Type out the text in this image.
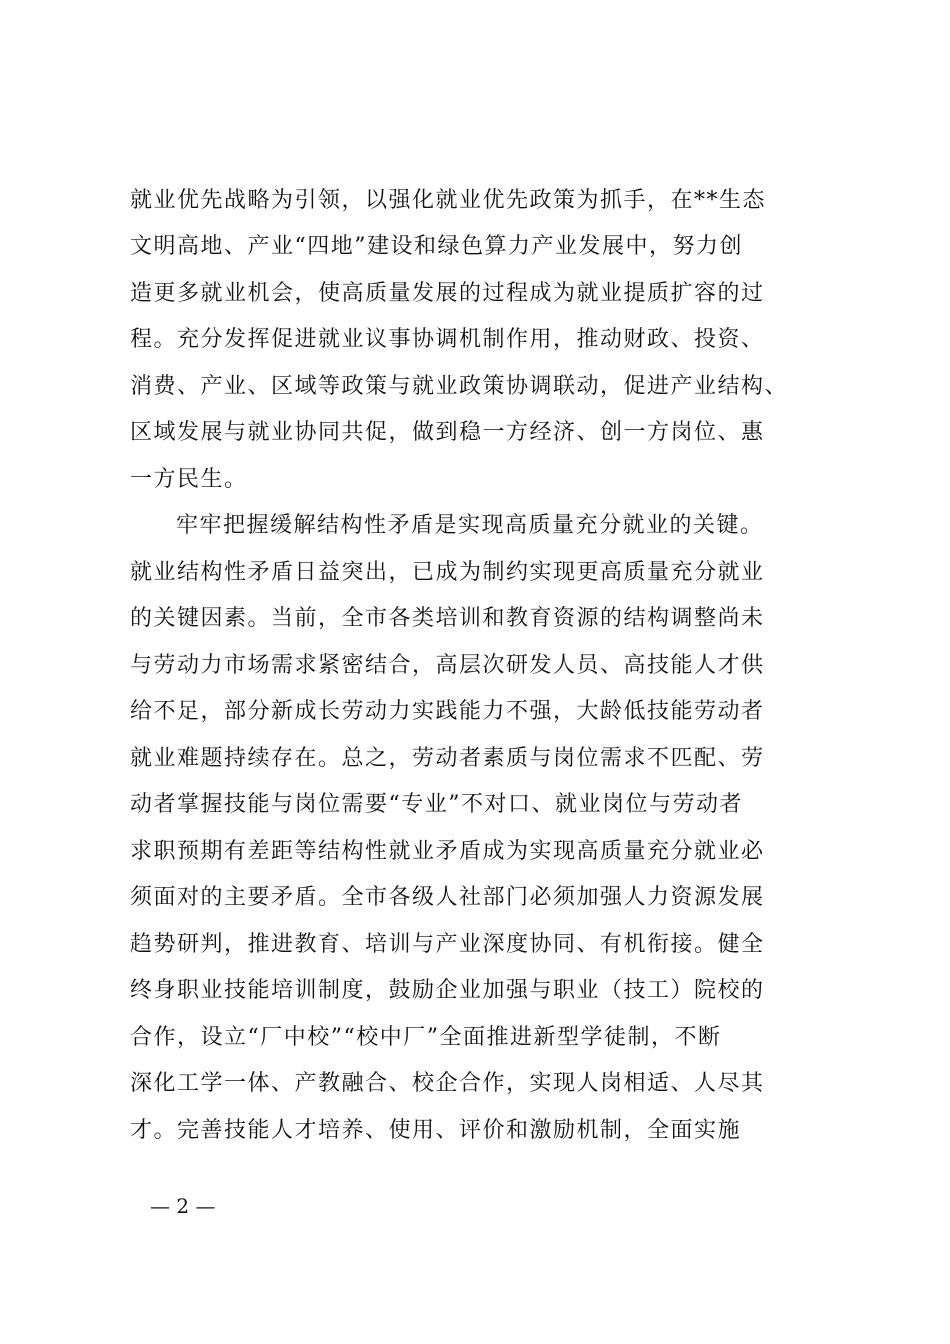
就业优先战略为引领，以强化就业优先政策为抓手，在**生态
文明高地、产业“四地”建设和绿色算力产业发展中，努力创
造更多就业机会，使高质量发展的过程成为就业提质扩容的过
程。充分发挥促进就业议事协调机制作用，推动财政、投资、
消费、产业、区域等政策与就业政策协调联动，促进产业结构、
区域发展与就业协同共促，做到稳一方经济、创一方岗位、惠
一方民生。
牢牢把握缓解结构性矛盾是实现高质量充分就业的关键。
就业结构性矛盾日益突出，已成为制约实现更高质量充分就业
的关键因素。当前，全市各类培训和教育资源的结构调整尚未
与劳动力市场需求紧密结合，高层次研发人员、高技能人才供
给不足，部分新成长劳动力实践能力不强，大龄低技能劳动者
就业难题持续存在。总之，劳动者素质与岗位需求不匹配、劳
动者掌握技能与岗位需要“专业”不对口、就业岗位与劳动者
求职预期有差距等结构性就业矛盾成为实现高质量充分就业必
须面对的主要矛盾。全市各级人社部门必须加强人力资源发展
趋势研判，推进教育、培训与产业深度协同、有机衔接。健全
终身职业技能培训制度，鼓励企业加强与职业（技工）院校的
合作，设立“厂中校”“校中厂”全面推进新型学徒制，不断
深化工学一体、产教融合、校企合作，实现人岗相适、人尽其
才。完善技能人才培养、使用、评价和激励机制，全面实施
— 2 —
